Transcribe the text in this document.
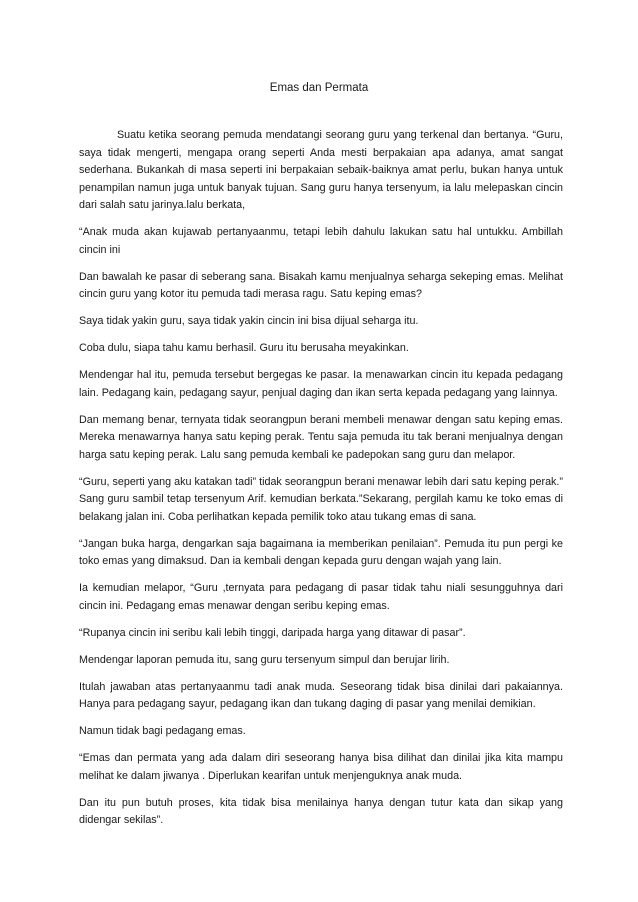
Emas dan Permata

Suatu ketika seorang pemuda mendatangi seorang guru yang terkenal dan bertanya. “Guru, saya tidak mengerti, mengapa orang seperti Anda mesti berpakaian apa adanya, amat sangat sederhana. Bukankah di masa seperti ini berpakaian sebaik-baiknya amat perlu, bukan hanya untuk penampilan namun juga untuk banyak tujuan. Sang guru hanya tersenyum, ia lalu melepaskan cincin dari salah satu jarinya.lalu berkata,

“Anak muda akan kujawab pertanyaanmu, tetapi lebih dahulu lakukan satu hal untukku. Ambillah cincin ini

Dan bawalah ke pasar di seberang sana. Bisakah kamu menjualnya seharga sekeping emas. Melihat cincin guru yang kotor itu pemuda tadi merasa ragu. Satu keping emas?

Saya tidak yakin guru, saya tidak yakin cincin ini bisa dijual seharga itu.

Coba dulu, siapa tahu kamu berhasil. Guru itu berusaha meyakinkan.

Mendengar hal itu, pemuda tersebut bergegas ke pasar. Ia menawarkan cincin itu kepada pedagang lain. Pedagang kain, pedagang sayur, penjual daging dan ikan serta kepada pedagang yang lainnya.

Dan memang benar, ternyata tidak seorangpun berani membeli menawar dengan satu keping emas. Mereka menawarnya hanya satu keping perak. Tentu saja pemuda itu tak berani menjualnya dengan harga satu keping perak. Lalu sang pemuda kembali ke padepokan sang guru dan melapor.

“Guru, seperti yang aku katakan tadi” tidak seorangpun berani menawar lebih dari satu keping perak.” Sang guru sambil tetap tersenyum Arif. kemudian berkata.”Sekarang, pergilah kamu ke toko emas di belakang jalan ini. Coba perlihatkan kepada pemilik toko atau tukang emas di sana.

“Jangan buka harga, dengarkan saja bagaimana ia memberikan penilaian”. Pemuda itu pun pergi ke toko emas yang dimaksud. Dan ia kembali dengan kepada guru dengan wajah yang lain.

Ia kemudian melapor, “Guru ,ternyata para pedagang di pasar tidak tahu niali sesungguhnya dari cincin ini. Pedagang emas menawar dengan seribu keping emas.

“Rupanya cincin ini seribu kali lebih tinggi, daripada harga yang ditawar di pasar”.

Mendengar laporan pemuda itu, sang guru tersenyum simpul dan berujar lirih.

Itulah jawaban atas pertanyaanmu tadi anak muda. Seseorang tidak bisa dinilai dari pakaiannya. Hanya para pedagang sayur, pedagang ikan dan tukang daging di pasar yang menilai demikian.

Namun tidak bagi pedagang emas.

“Emas dan permata yang ada dalam diri seseorang hanya bisa dilihat dan dinilai jika kita mampu melihat ke dalam jiwanya . Diperlukan kearifan untuk menjenguknya anak muda.

Dan itu pun butuh proses, kita tidak bisa menilainya hanya dengan tutur kata dan sikap yang didengar sekilas”.
